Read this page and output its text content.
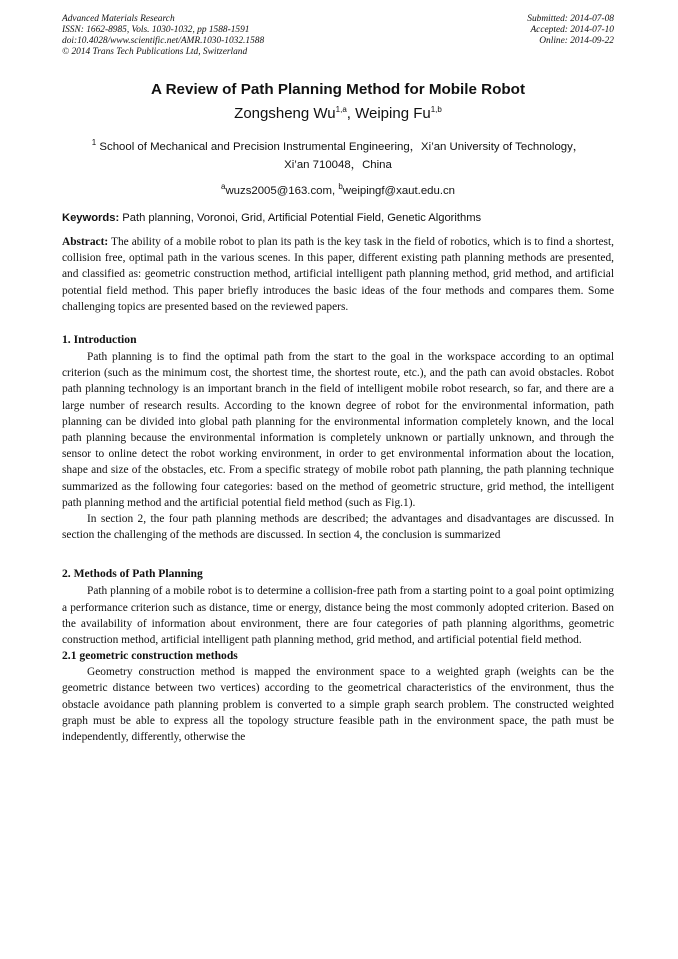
Advanced Materials Research
ISSN: 1662-8985, Vols. 1030-1032, pp 1588-1591
doi:10.4028/www.scientific.net/AMR.1030-1032.1588
© 2014 Trans Tech Publications Ltd, Switzerland
Submitted: 2014-07-08
Accepted: 2014-07-10
Online: 2014-09-22
A Review of Path Planning Method for Mobile Robot
Zongsheng Wu$^{1,a}$, Weiping Fu$^{1,b}$
$^1$ School of Mechanical and Precision Instrumental Engineering，Xi’an University of Technology，
Xi’an 710048，China
$^a$wuzs2005@163.com, $^b$weipingf@xaut.edu.cn
Keywords: Path planning, Voronoi, Grid, Artificial Potential Field, Genetic Algorithms
Abstract: The ability of a mobile robot to plan its path is the key task in the field of robotics, which is to find a shortest, collision free, optimal path in the various scenes. In this paper, different existing path planning methods are presented, and classified as: geometric construction method, artificial intelligent path planning method, grid method, and artificial potential field method. This paper briefly introduces the basic ideas of the four methods and compares them. Some challenging topics are presented based on the reviewed papers.
1. Introduction
Path planning is to find the optimal path from the start to the goal in the workspace according to an optimal criterion (such as the minimum cost, the shortest time, the shortest route, etc.), and the path can avoid obstacles. Robot path planning technology is an important branch in the field of intelligent mobile robot research, so far, and there are a large number of research results. According to the known degree of robot for the environmental information, path planning can be divided into global path planning for the environmental information completely known, and the local path planning because the environmental information is completely unknown or partially unknown, and through the sensor to online detect the robot working environment, in order to get environmental information about the location, shape and size of the obstacles, etc. From a specific strategy of mobile robot path planning, the path planning technique summarized as the following four categories: based on the method of geometric structure, grid method, the intelligent path planning method and the artificial potential field method (such as Fig.1).
In section 2, the four path planning methods are described; the advantages and disadvantages are discussed. In section the challenging of the methods are discussed. In section 4, the conclusion is summarized
2. Methods of Path Planning
Path planning of a mobile robot is to determine a collision-free path from a starting point to a goal point optimizing a performance criterion such as distance, time or energy, distance being the most commonly adopted criterion. Based on the availability of information about environment, there are four categories of path planning algorithms, geometric construction method, artificial intelligent path planning method, grid method, and artificial potential field method.
2.1 geometric construction methods
Geometry construction method is mapped the environment space to a weighted graph (weights can be the geometric distance between two vertices) according to the geometrical characteristics of the environment, thus the obstacle avoidance path planning problem is converted to a simple graph search problem. The constructed weighted graph must be able to express all the topology structure feasible path in the environment space, the path must be independently, differently, otherwise the
